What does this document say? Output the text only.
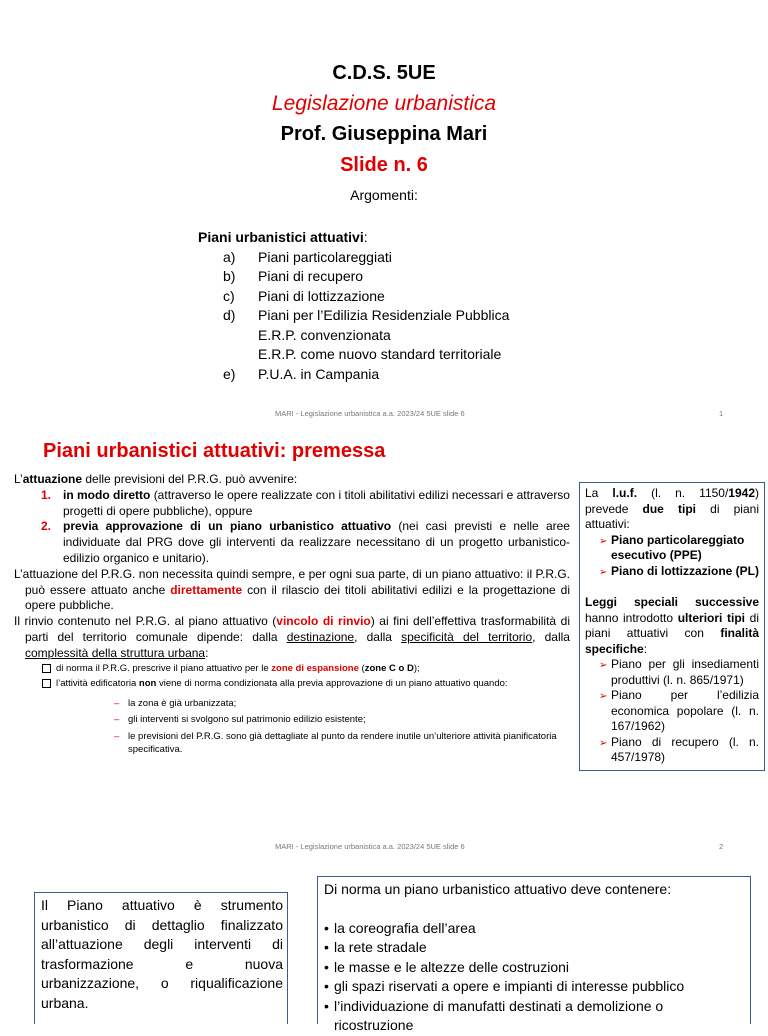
C.D.S. 5UE
Legislazione urbanistica
Prof. Giuseppina Mari
Slide n. 6
Argomenti:
Piani urbanistici attuativi:
a)	Piani particolareggiati
b)	Piani di recupero
c)	Piani di lottizzazione
d)	Piani per l’Edilizia Residenziale Pubblica
E.R.P. convenzionata
E.R.P. come nuovo standard territoriale
e)	P.U.A. in Campania
MARI - Legislazione urbanistica a.a. 2023/24 5UE slide 6	1
Piani urbanistici attuativi: premessa

L’attuazione delle previsioni del P.R.G. può avvenire:

1. in modo diretto (attraverso le opere realizzate con i titoli abilitativi edilizi necessari e attraverso progetti di opere pubbliche), oppure
2. previa approvazione di un piano urbanistico attuativo (nei casi previsti e nelle aree individuate dal PRG dove gli interventi da realizzare necessitano di un progetto urbanistico-edilizio organico e unitario).

L’attuazione del P.R.G. non necessita quindi sempre, e per ogni sua parte, di un piano attuativo: il P.R.G. può essere attuato anche direttamente con il rilascio dei titoli abilitativi edilizi e la progettazione di opere pubbliche.

Il rinvio contenuto nel P.R.G. al piano attuativo (vincolo di rinvio) ai fini dell’effettiva trasformabilità di parti del territorio comunale dipende: dalla destinazione, dalla specificità del territorio, dalla complessità della struttura urbana:

di norma il P.R.G. prescrive il piano attuativo per le zone di espansione (zone C o D);
l’attività edificatoria non viene di norma condizionata alla previa approvazione di un piano attuativo quando:
– la zona è già urbanizzata;
– gli interventi si svolgono sul patrimonio edilizio esistente;
– le previsioni del P.R.G. sono già dettagliate al punto da rendere inutile un’ulteriore attività pianificatoria specificativa.

La l.u.f. (l. n. 1150/1942) prevede due tipi di piani attuativi:

➢ Piano particolareggiato esecutivo (PPE)
➢ Piano di lottizzazione (PL)

Leggi speciali successive hanno introdotto ulteriori tipi di piani attuativi con finalità specifiche:

➢ Piano per gli insediamenti produttivi (l. n. 865/1971)
➢ Piano per l’edilizia economica popolare (l. n. 167/1962)
➢ Piano di recupero (l. n. 457/1978)
MARI - Legislazione urbanistica a.a. 2023/24 5UE slide 6	2
Il Piano attuativo è strumento urbanistico di dettaglio finalizzato all’attuazione degli interventi di trasformazione e nuova urbanizzazione, o riqualificazione urbana.
Di norma un piano urbanistico attuativo deve contenere:
• la coreografia dell’area
• la rete stradale
• le masse e le altezze delle costruzioni
• gli spazi riservati a opere e impianti di interesse pubblico
• l’individuazione di manufatti destinati a demolizione o ricostruzione
